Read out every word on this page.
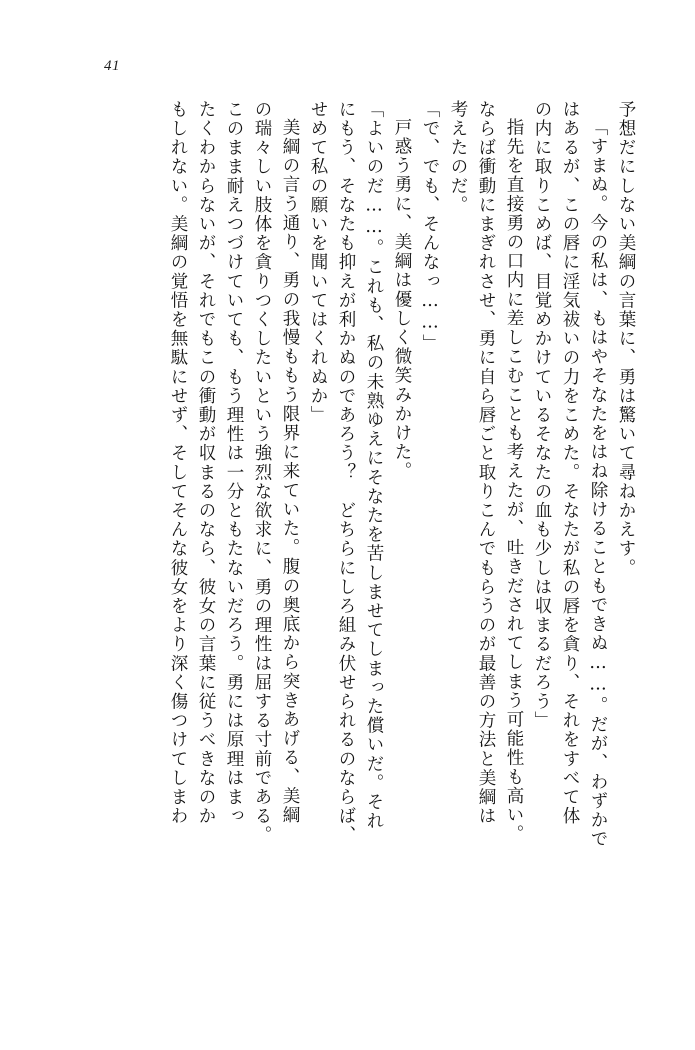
41
予想だにしない美綱の言葉に、勇は驚いて尋ねかえす。
「すまぬ。今の私は、もはやそなたをはね除けることもできぬ……。だが、わずかで
はあるが、この唇に淫気祓いの力をこめた。そなたが私の唇を貪り、それをすべて体
の内に取りこめば、目覚めかけているそなたの血も少しは収まるだろう」
指先を直接勇の口内に差しこむことも考えたが、吐きだされてしまう可能性も高い。
ならば衝動にまぎれさせ、勇に自ら唇ごと取りこんでもらうのが最善の方法と美綱は
考えたのだ。
「で、でも、そんなっ……」
戸惑う勇に、美綱は優しく微笑みかけた。
「よいのだ……。これも、私の未熟ゆえにそなたを苦しませてしまった償いだ。それ
にもう、そなたも抑えが利かぬのであろう？　どちらにしろ組み伏せられるのならば、
せめて私の願いを聞いてはくれぬか」
美綱の言う通り、勇の我慢ももう限界に来ていた。腹の奥底から突きあげる、美綱
の瑞々しい肢体を貪りつくしたいという強烈な欲求に、勇の理性は屈する寸前である。
このまま耐えつづけていても、もう理性は一分ともたないだろう。勇には原理はまっ
たくわからないが、それでもこの衝動が収まるのなら、彼女の言葉に従うべきなのか
もしれない。美綱の覚悟を無駄にせず、そしてそんな彼女をより深く傷つけてしまわ
